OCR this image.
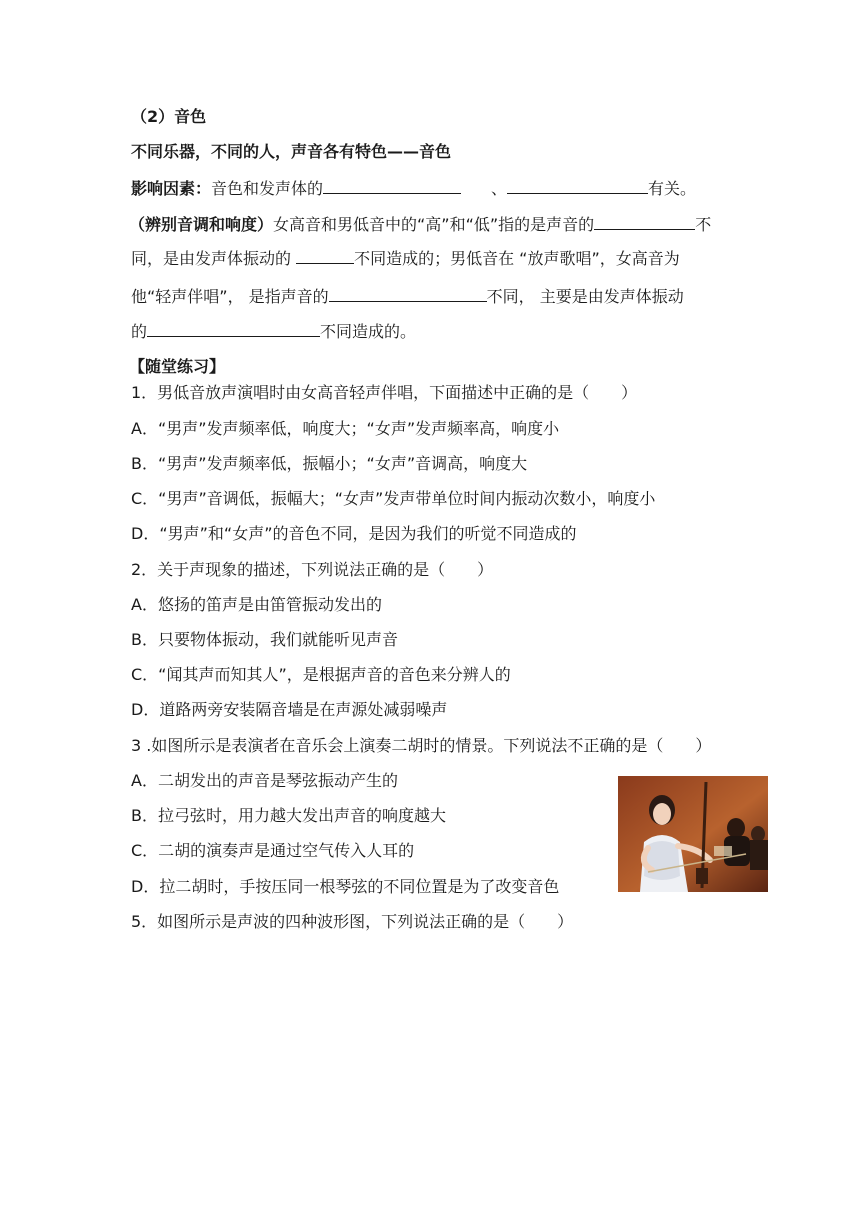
（2）音色
不同乐器，不同的人，声音各有特色——音色
影响因素：音色和发声体的	、	有关。
（辨别音调和响度）女高音和男低音中的“高”和“低”指的是声音的	不
同，是由发声体振动的	不同造成的；男低音在 “放声歌唱”，女高音为
他“轻声伴唱”， 是指声音的	不同， 主要是由发声体振动
的	不同造成的。
【随堂练习】
1．男低音放声演唱时由女高音轻声伴唱，下面描述中正确的是（　　）
A．“男声”发声频率低，响度大；“女声”发声频率高，响度小
B．“男声”发声频率低，振幅小；“女声”音调高，响度大
C．“男声”音调低，振幅大；“女声”发声带单位时间内振动次数小，响度小
D．“男声”和“女声”的音色不同，是因为我们的听觉不同造成的
2．关于声现象的描述，下列说法正确的是（　　）
A．悠扬的笛声是由笛管振动发出的
B．只要物体振动，我们就能听见声音
C．“闻其声而知其人”，是根据声音的音色来分辨人的
D．道路两旁安装隔音墙是在声源处减弱噪声
3 .如图所示是表演者在音乐会上演奏二胡时的情景。下列说法不正确的是（　　）
A．二胡发出的声音是琴弦振动产生的
B．拉弓弦时，用力越大发出声音的响度越大
C．二胡的演奏声是通过空气传入人耳的
D．拉二胡时，手按压同一根琴弦的不同位置是为了改变音色
5．如图所示是声波的四种波形图，下列说法正确的是（　　）
